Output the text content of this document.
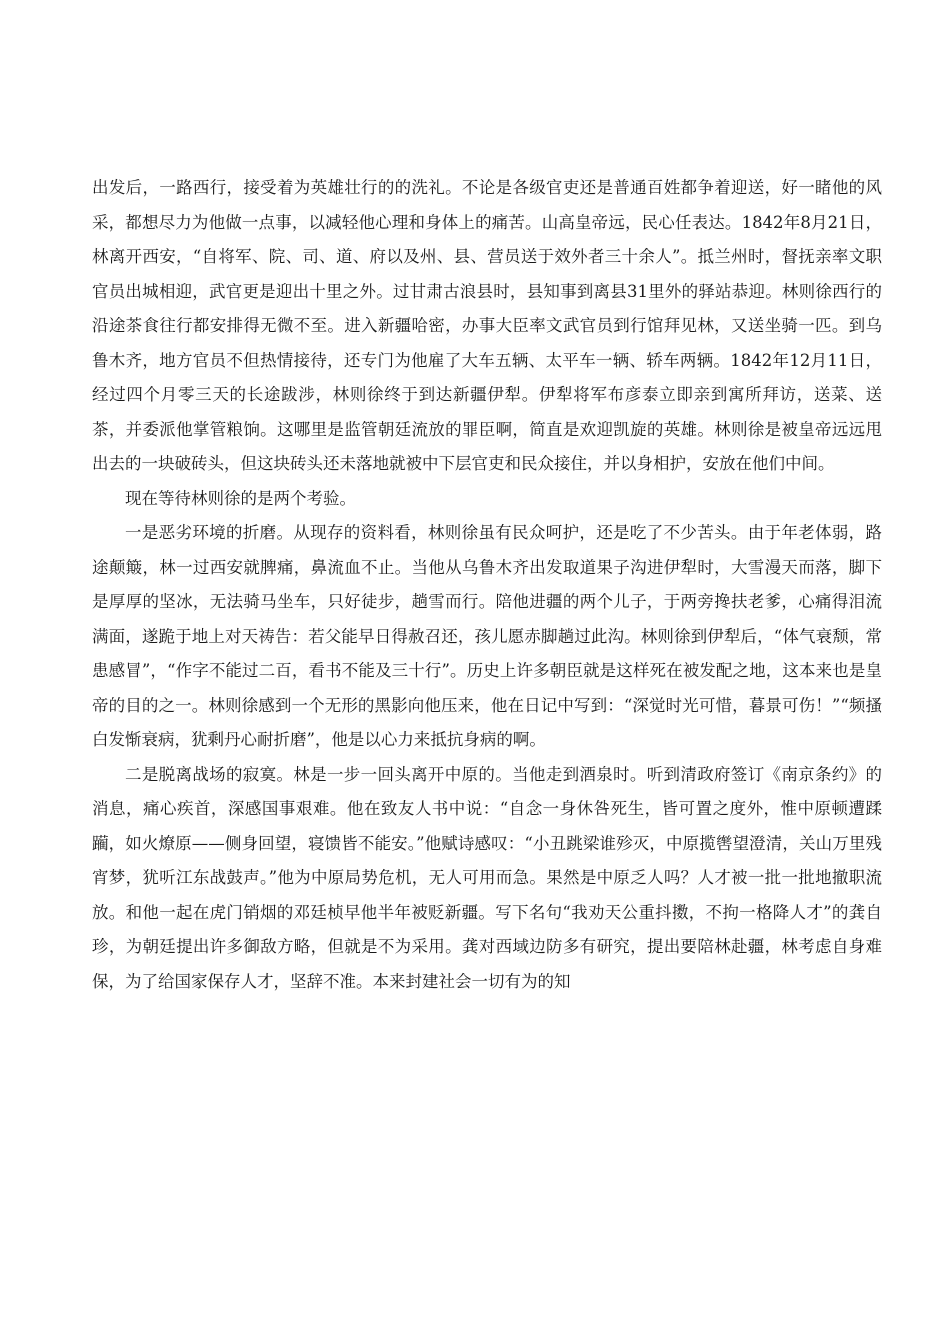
出发后，一路西行，接受着为英雄壮行的的洗礼。不论是各级官吏还是普通百姓都争着迎送，好一睹他的风采，都想尽力为他做一点事，以减轻他心理和身体上的痛苦。山高皇帝远，民心任表达。1842年8月21日，林离开西安，“自将军、院、司、道、府以及州、县、营员送于效外者三十余人”。抵兰州时，督抚亲率文职官员出城相迎，武官更是迎出十里之外。过甘肃古浪县时，县知事到离县31里外的驿站恭迎。林则徐西行的沿途茶食往行都安排得无微不至。进入新疆哈密，办事大臣率文武官员到行馆拜见林，又送坐骑一匹。到乌鲁木齐，地方官员不但热情接待，还专门为他雇了大车五辆、太平车一辆、轿车两辆。1842年12月11日，经过四个月零三天的长途跋涉，林则徐终于到达新疆伊犁。伊犁将军布彦泰立即亲到寓所拜访，送菜、送茶，并委派他掌管粮饷。这哪里是监管朝廷流放的罪臣啊，简直是欢迎凯旋的英雄。林则徐是被皇帝远远甩出去的一块破砖头，但这块砖头还未落地就被中下层官吏和民众接住，并以身相护，安放在他们中间。

现在等待林则徐的是两个考验。

一是恶劣环境的折磨。从现存的资料看，林则徐虽有民众呵护，还是吃了不少苦头。由于年老体弱，路途颠簸，林一过西安就脾痛，鼻流血不止。当他从乌鲁木齐出发取道果子沟进伊犁时，大雪漫天而落，脚下是厚厚的坚冰，无法骑马坐车，只好徒步，趟雪而行。陪他进疆的两个儿子，于两旁搀扶老爹，心痛得泪流满面，遂跪于地上对天祷告：若父能早日得赦召还，孩儿愿赤脚趟过此沟。林则徐到伊犁后，“体气衰颓，常患感冒”，“作字不能过二百，看书不能及三十行”。历史上许多朝臣就是这样死在被发配之地，这本来也是皇帝的目的之一。林则徐感到一个无形的黑影向他压来，他在日记中写到：“深觉时光可惜，暮景可伤！”“频搔白发惭衰病，犹剩丹心耐折磨”，他是以心力来抵抗身病的啊。

二是脱离战场的寂寞。林是一步一回头离开中原的。当他走到酒泉时。听到清政府签订《南京条约》的消息，痛心疾首，深感国事艰难。他在致友人书中说：“自念一身休咎死生，皆可置之度外，惟中原顿遭蹂躏，如火燎原——侧身回望，寝馈皆不能安。”他赋诗感叹：“小丑跳梁谁殄灭，中原揽辔望澄清，关山万里残宵梦，犹听江东战鼓声。”他为中原局势危机，无人可用而急。果然是中原乏人吗？人才被一批一批地撤职流放。和他一起在虎门销烟的邓廷桢早他半年被贬新疆。写下名句“我劝天公重抖擞，不拘一格降人才”的龚自珍，为朝廷提出许多御敌方略，但就是不为采用。龚对西域边防多有研究，提出要陪林赴疆，林考虑自身难保，为了给国家保存人才，坚辞不准。本来封建社会一切有为的知
